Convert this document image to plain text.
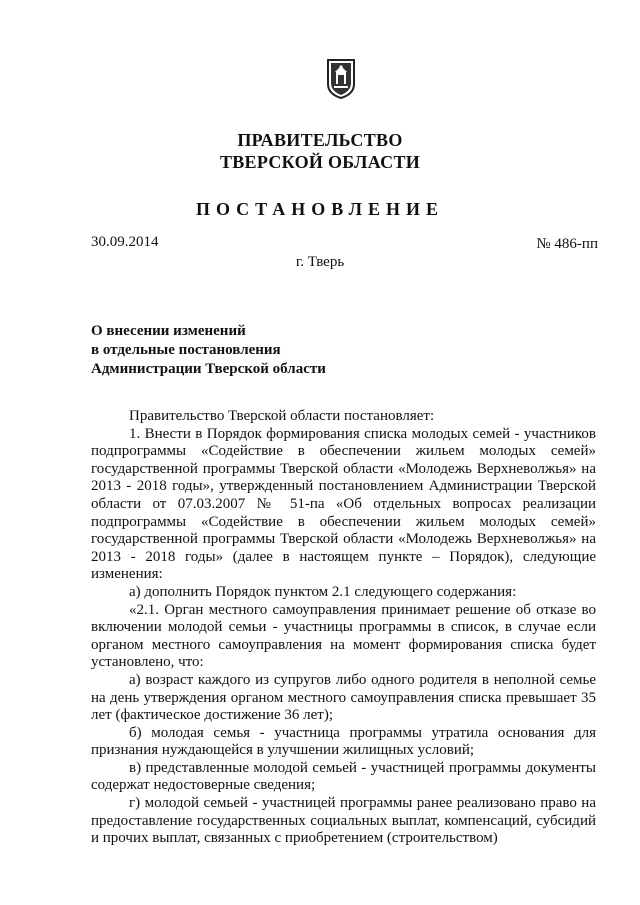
ПРАВИТЕЛЬСТВО
ТВЕРСКОЙ ОБЛАСТИ
ПОСТАНОВЛЕНИЕ
30.09.2014	№ 486-пп
г. Тверь
О внесении изменений
в отдельные постановления
Администрации Тверской области

Правительство Тверской области постановляет:

1. Внести в Порядок формирования списка молодых семей - участников подпрограммы «Содействие в обеспечении жильем молодых семей» государственной программы Тверской области «Молодежь Верхневолжья» на 2013 - 2018 годы», утвержденный постановлением Администрации Тверской области от 07.03.2007 № 51-па «Об отдельных вопросах реализации подпрограммы «Содействие в обеспечении жильем молодых семей» государственной программы Тверской области «Молодежь Верхневолжья» на 2013 - 2018 годы» (далее в настоящем пункте – Порядок), следующие изменения:

а) дополнить Порядок пунктом 2.1 следующего содержания:

«2.1. Орган местного самоуправления принимает решение об отказе во включении молодой семьи - участницы программы в список, в случае если органом местного самоуправления на момент формирования списка будет установлено, что:

а) возраст каждого из супругов либо одного родителя в неполной семье на день утверждения органом местного самоуправления списка превышает 35 лет (фактическое достижение 36 лет);

б) молодая семья - участница программы утратила основания для признания нуждающейся в улучшении жилищных условий;

в) представленные молодой семьей - участницей программы документы содержат недостоверные сведения;

г) молодой семьей - участницей программы ранее реализовано право на предоставление государственных социальных выплат, компенсаций, субсидий и прочих выплат, связанных с приобретением (строительством)
